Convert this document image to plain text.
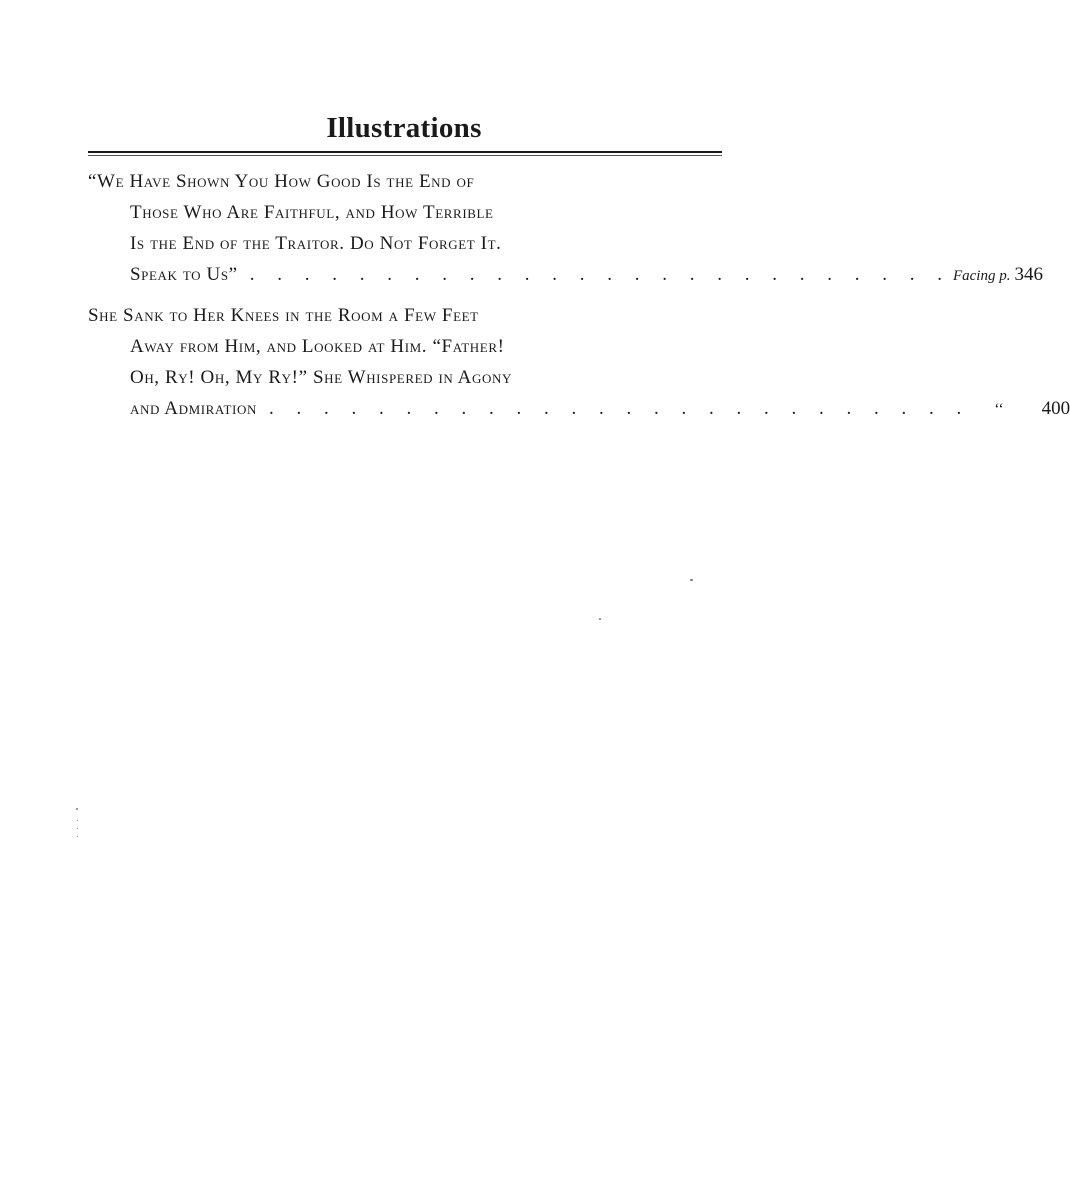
Illustrations
“We Have Shown You How Good Is the End of
Those Who Are Faithful, and How Terrible
Is the End of the Traitor. Do Not Forget It.
Speak to Us” . . . . . . . . . . . . . . . . . . . . . . . . . . Facing p. 346
She Sank to Her Knees in the Room a Few Feet
Away from Him, and Looked at Him. “Father!
Oh, Ry! Oh, My Ry!” She Whispered in Agony
and Admiration . . . . . . . . . . . . . . . . . . . . . . . . . .	‘‘	400
